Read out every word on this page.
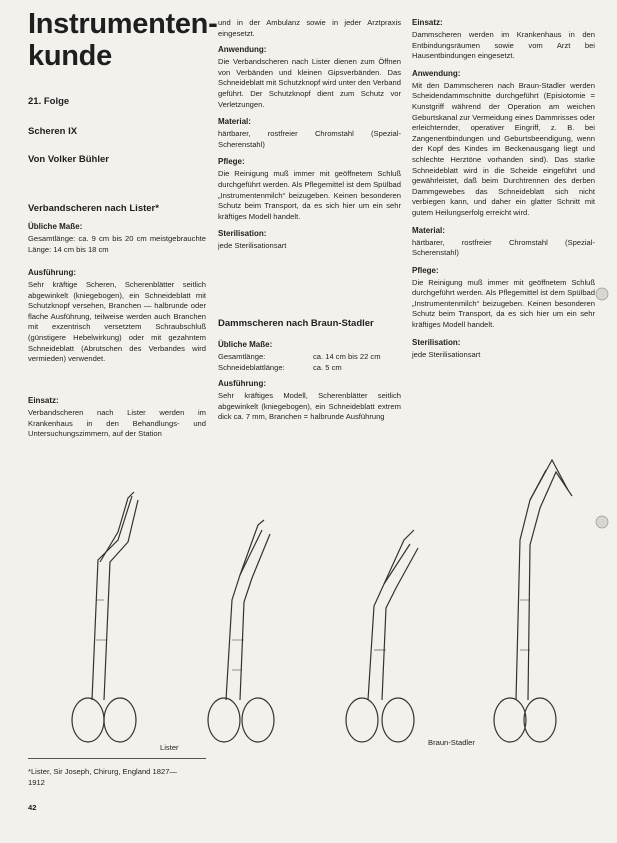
Instrumenten-
kunde
21. Folge
Scheren IX
Von Volker Bühler
Verbandscheren nach Lister*
Übliche Maße:
Gesamtlänge: ca. 9 cm bis 20 cm meistgebrauchte Länge: 14 cm bis 18 cm
Ausführung:
Sehr kräftige Scheren, Scherenblätter seitlich abgewinkelt (kniegebogen), ein Schneideblatt mit Schutzknopf versehen, Branchen — halbrunde oder flache Ausführung, teilweise werden auch Branchen mit exzentrisch versetztem Schraubschluß (günstigere Hebelwirkung) oder mit gezahntem Schneideblatt (Abrutschen des Verbandes wird vermieden) verwendet.
Einsatz:
Verbandscheren nach Lister werden im Krankenhaus in den Behandlungs- und Untersuchungszimmern, auf der Station
*Lister, Sir Joseph, Chirurg, England 1827—1912
42
und in der Ambulanz sowie in jeder Arztpraxis eingesetzt.
Anwendung:
Die Verbandscheren nach Lister dienen zum Öffnen von Verbänden und kleinen Gipsverbänden. Das Schneideblatt mit Schutzknopf wird unter den Verband geführt. Der Schutzknopf dient zum Schutz vor Verletzungen.
Material:
härtbarer, rostfreier Chromstahl (Spezial-Scherenstahl)
Pflege:
Die Reinigung muß immer mit geöffnetem Schluß durchgeführt werden. Als Pflegemittel ist dem Spülbad „Instrumentenmilch“ beizugeben. Keinen besonderen Schutz beim Transport, da es sich hier um ein sehr kräftiges Modell handelt.
Sterilisation:
jede Sterilisationsart
Dammscheren nach Braun-Stadler
Übliche Maße:
Gesamtlänge:	ca. 14 cm bis 22 cm
Schneideblattlänge:	ca. 5 cm
Ausführung:
Sehr kräftiges Modell, Scherenblätter seitlich abgewinkelt (kniegebogen), ein Schneideblatt extrem dick ca. 7 mm, Branchen = halbrunde Ausführung
Einsatz:
Dammscheren werden im Krankenhaus in den Entbindungsräumen sowie vom Arzt bei Hausentbindungen eingesetzt.
Anwendung:
Mit den Dammscheren nach Braun-Stadler werden Scheidendammschnitte durchgeführt (Episiotomie = Kunstgriff während der Operation am weichen Geburtskanal zur Vermeidung eines Dammrisses oder erleichternder, operativer Eingriff, z. B. bei Zangenentbindungen und Geburtsbeendigung, wenn der Kopf des Kindes im Beckenausgang liegt und schlechte Herztöne vorhanden sind). Das starke Schneideblatt wird in die Scheide eingeführt und gewährleistet, daß beim Durchtrennen des derben Dammgewebes das Schneideblatt sich nicht verbiegen kann, und daher ein glatter Schnitt mit gutem Heilungserfolg erreicht wird.
Material:
härtbarer, rostfreier Chromstahl (Spezial-Scherenstahl)
Pflege:
Die Reinigung muß immer mit geöffnetem Schluß durchgeführt werden. Als Pflegemittel ist dem Spülbad „Instrumentenmilch“ beizugeben. Keinen besonderen Schutz beim Transport, da es sich hier um ein sehr kräftiges Modell handelt.
Sterilisation:
jede Sterilisationsart
Lister
Braun-Stadler
